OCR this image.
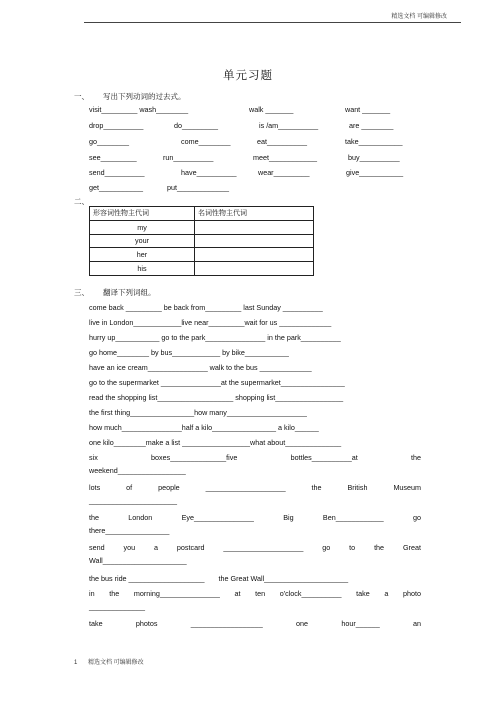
精选文档 可编辑修改
单元习题
一、 写出下列动词的过去式。
visit_________ wash________	walk _______	want _______
drop__________	do_________	is /am__________	are ________
go________	come________	eat__________	take___________
see_________	run__________	meet____________	buy__________
send__________	have__________	wear_________	give___________
get___________	put_____________
二、
形容词性物主代词	名词性物主代词
my	
your	
her	
his	
三、 翻译下列词组。
come back _________ be back from_________ last Sunday __________
live in London____________live near_________wait for us _____________
hurry up___________ go to the park_______________ in the park__________
go home________ by bus____________ by bike___________
have an ice cream_______________ walk to the bus _____________
go to the supermarket _______________at the supermarket________________
read the shopping list___________________ shopping list_________________
the first thing________________how many____________________
how much_______________half a kilo________________ a kilo______
one kilo________make a list _________________what about______________
six	boxes______________five	bottles__________at	the
weekend_________________
lots	of	people	____________________	the	British	Museum
______________________
the	London	Eye_______________	Big	Ben____________	go
there________________
send	you	a	postcard	____________________	go	to	the	Great
Wall_____________________
the bus ride ___________________ the Great Wall_____________________
in the morning_______________ at ten o'clock__________ take a photo
______________
take	photos	__________________	one	hour______	an
1 精选文档 可编辑修改
